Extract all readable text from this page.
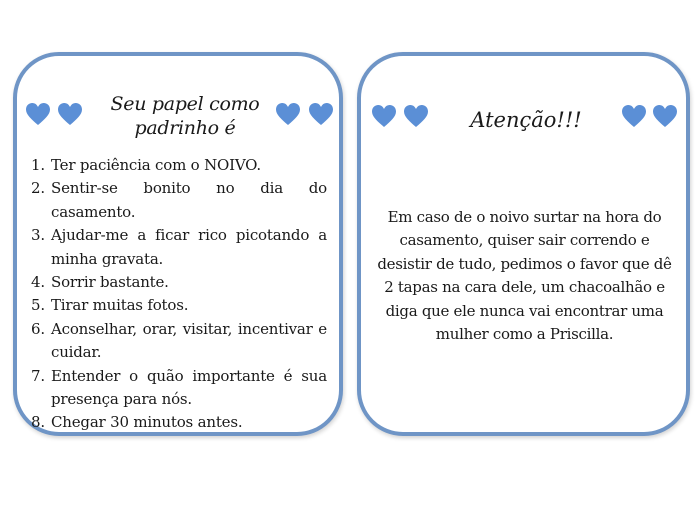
Seu papel como padrinho é
1. Ter paciência com o NOIVO.
2. Sentir-se bonito no dia do casamento.
3. Ajudar-me a ficar rico picotando a minha gravata.
4. Sorrir bastante.
5. Tirar muitas fotos.
6. Aconselhar, orar, visitar, incentivar e cuidar.
7. Entender o quão importante é sua presença para nós.
8. Chegar 30 minutos antes.
Atenção!!!

Em caso de o noivo surtar na hora do casamento, quiser sair correndo e desistir de tudo, pedimos o favor que dê 2 tapas na cara dele, um chacoalhão e diga que ele nunca vai encontrar uma mulher como a Priscilla.
